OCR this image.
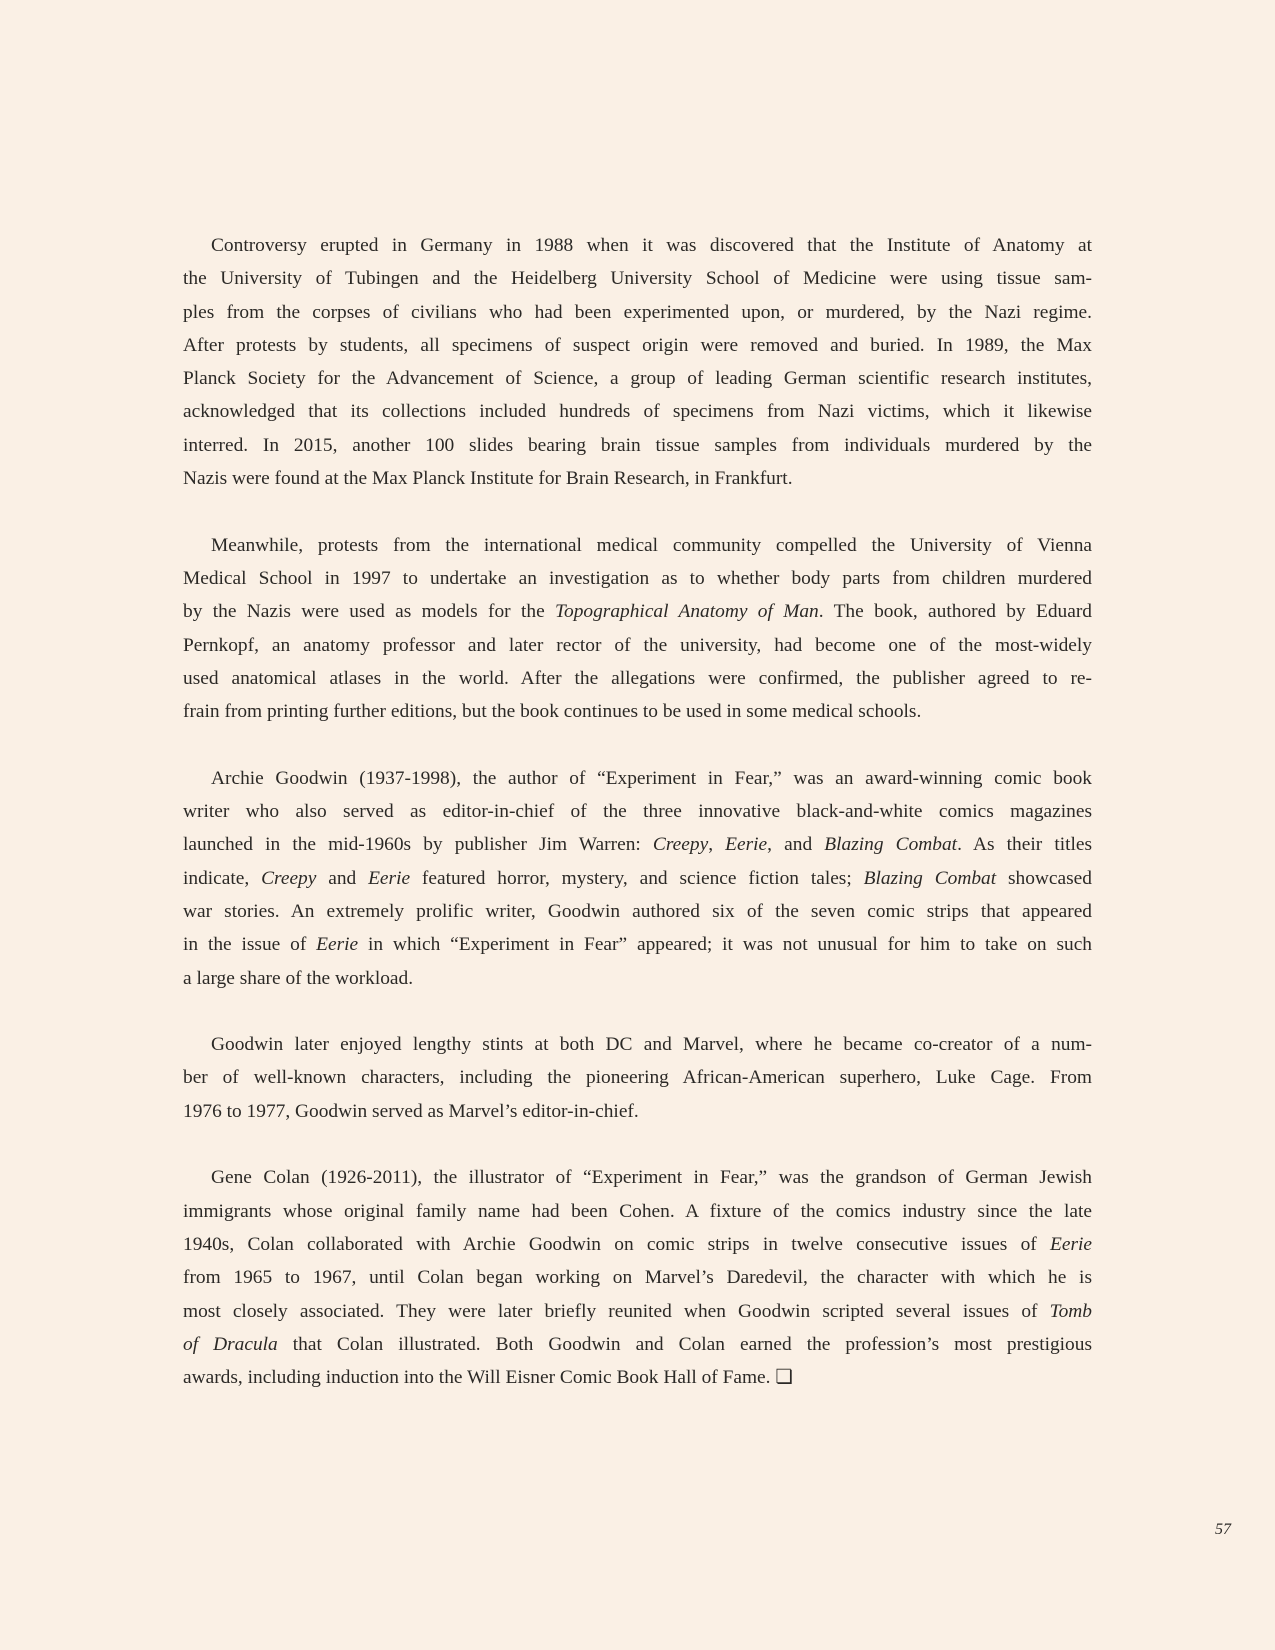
Controversy erupted in Germany in 1988 when it was discovered that the Institute of Anatomy at
the University of Tubingen and the Heidelberg University School of Medicine were using tissue sam-
ples from the corpses of civilians who had been experimented upon, or murdered, by the Nazi regime.
After protests by students, all specimens of suspect origin were removed and buried. In 1989, the Max
Planck Society for the Advancement of Science, a group of leading German scientific research institutes,
acknowledged that its collections included hundreds of specimens from Nazi victims, which it likewise
interred. In 2015, another 100 slides bearing brain tissue samples from individuals murdered by the
Nazis were found at the Max Planck Institute for Brain Research, in Frankfurt.
Meanwhile, protests from the international medical community compelled the University of Vienna
Medical School in 1997 to undertake an investigation as to whether body parts from children murdered
by the Nazis were used as models for the Topographical Anatomy of Man. The book, authored by Eduard
Pernkopf, an anatomy professor and later rector of the university, had become one of the most-widely
used anatomical atlases in the world. After the allegations were confirmed, the publisher agreed to re-
frain from printing further editions, but the book continues to be used in some medical schools.
Archie Goodwin (1937-1998), the author of “Experiment in Fear,” was an award-winning comic book
writer who also served as editor-in-chief of the three innovative black-and-white comics magazines
launched in the mid-1960s by publisher Jim Warren: Creepy, Eerie, and Blazing Combat. As their titles
indicate, Creepy and Eerie featured horror, mystery, and science fiction tales; Blazing Combat showcased
war stories. An extremely prolific writer, Goodwin authored six of the seven comic strips that appeared
in the issue of Eerie in which “Experiment in Fear” appeared; it was not unusual for him to take on such
a large share of the workload.
Goodwin later enjoyed lengthy stints at both DC and Marvel, where he became co-creator of a num-
ber of well-known characters, including the pioneering African-American superhero, Luke Cage. From
1976 to 1977, Goodwin served as Marvel’s editor-in-chief.
Gene Colan (1926-2011), the illustrator of “Experiment in Fear,” was the grandson of German Jewish
immigrants whose original family name had been Cohen. A fixture of the comics industry since the late
1940s, Colan collaborated with Archie Goodwin on comic strips in twelve consecutive issues of Eerie
from 1965 to 1967, until Colan began working on Marvel’s Daredevil, the character with which he is
most closely associated. They were later briefly reunited when Goodwin scripted several issues of Tomb
of Dracula that Colan illustrated. Both Goodwin and Colan earned the profession’s most prestigious
awards, including induction into the Will Eisner Comic Book Hall of Fame. ❏
57
